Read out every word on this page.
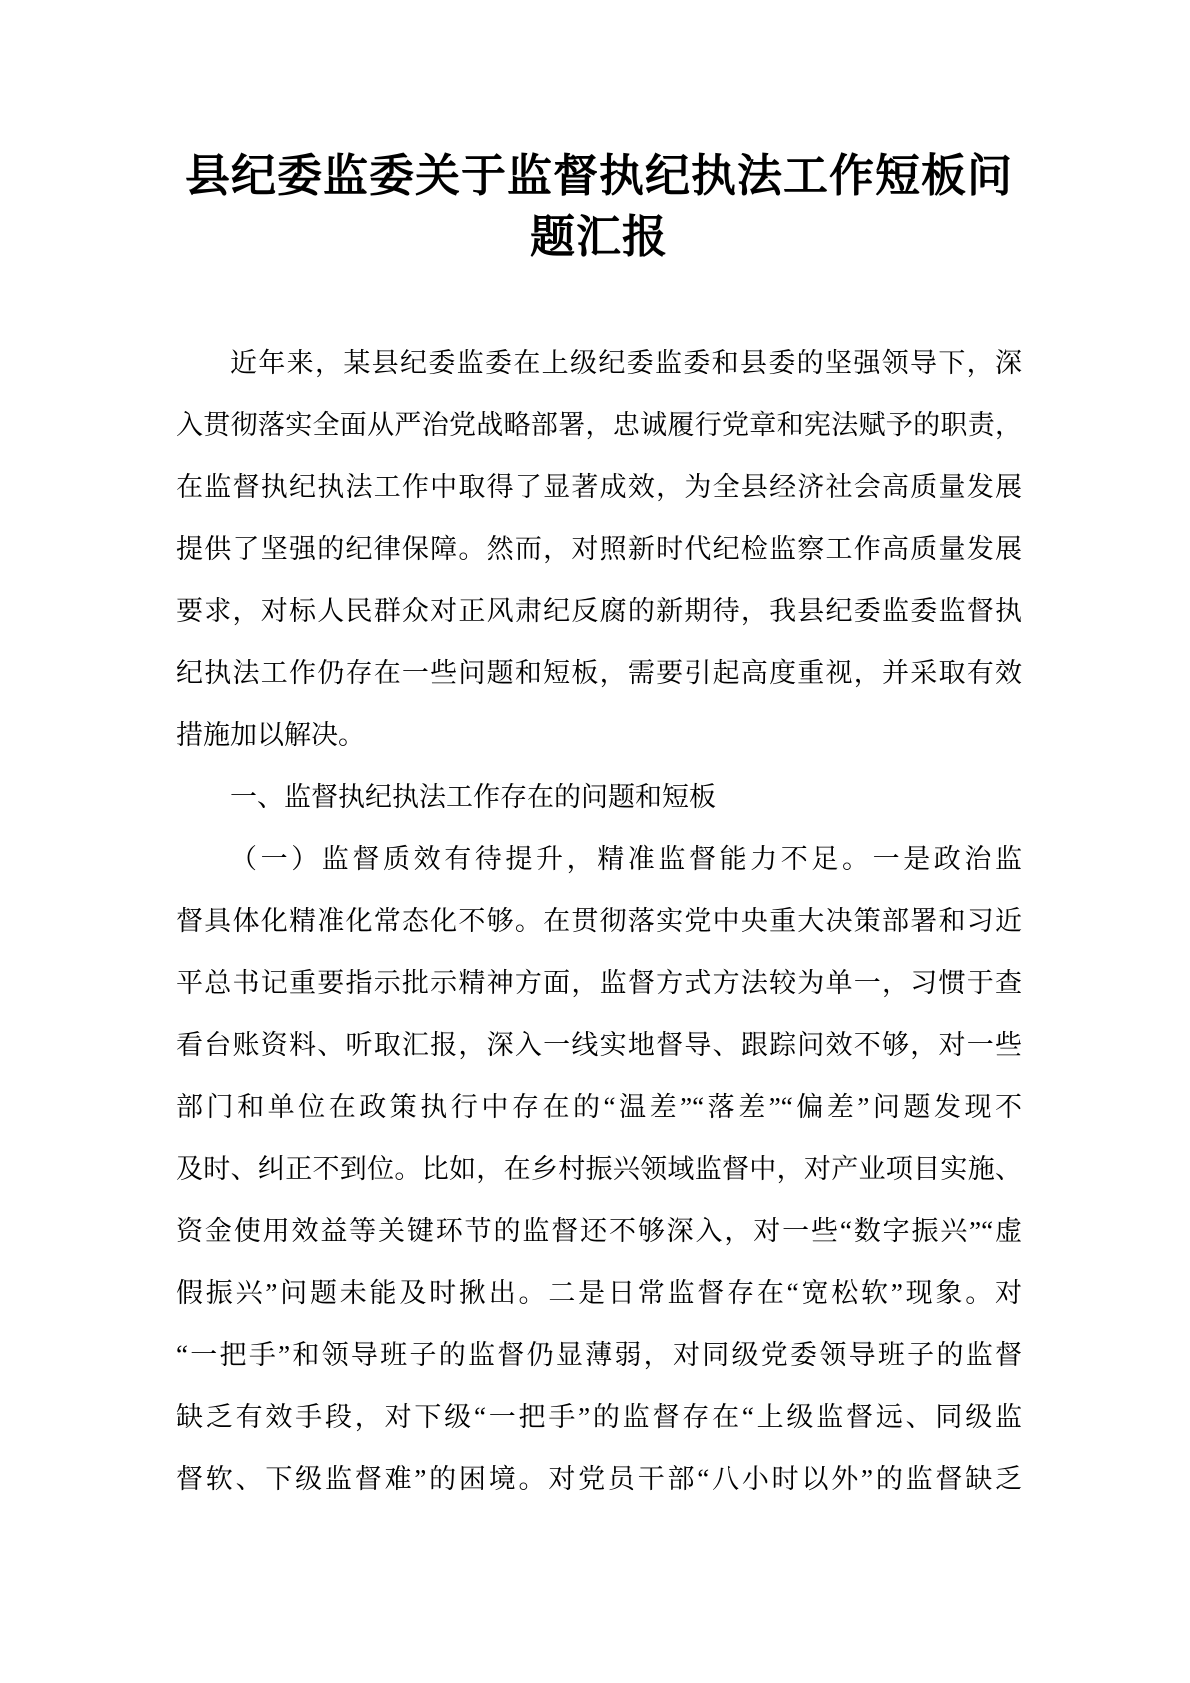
县纪委监委关于监督执纪执法工作短板问
题汇报

近年来，某县纪委监委在上级纪委监委和县委的坚强领导下，深
入贯彻落实全面从严治党战略部署，忠诚履行党章和宪法赋予的职责，
在监督执纪执法工作中取得了显著成效，为全县经济社会高质量发展
提供了坚强的纪律保障。然而，对照新时代纪检监察工作高质量发展
要求，对标人民群众对正风肃纪反腐的新期待，我县纪委监委监督执
纪执法工作仍存在一些问题和短板，需要引起高度重视，并采取有效
措施加以解决。

一、监督执纪执法工作存在的问题和短板

（一）监督质效有待提升，精准监督能力不足。一是政治监
督具体化精准化常态化不够。在贯彻落实党中央重大决策部署和习近
平总书记重要指示批示精神方面，监督方式方法较为单一，习惯于查
看台账资料、听取汇报，深入一线实地督导、跟踪问效不够，对一些
部门和单位在政策执行中存在的“温差”“落差”“偏差”问题发现不
及时、纠正不到位。比如，在乡村振兴领域监督中，对产业项目实施、
资金使用效益等关键环节的监督还不够深入，对一些“数字振兴”“虚
假振兴”问题未能及时揪出。二是日常监督存在“宽松软”现象。对
“一把手”和领导班子的监督仍显薄弱，对同级党委领导班子的监督
缺乏有效手段，对下级“一把手”的监督存在“上级监督远、同级监
督软、下级监督难”的困境。对党员干部“八小时以外”的监督缺乏
